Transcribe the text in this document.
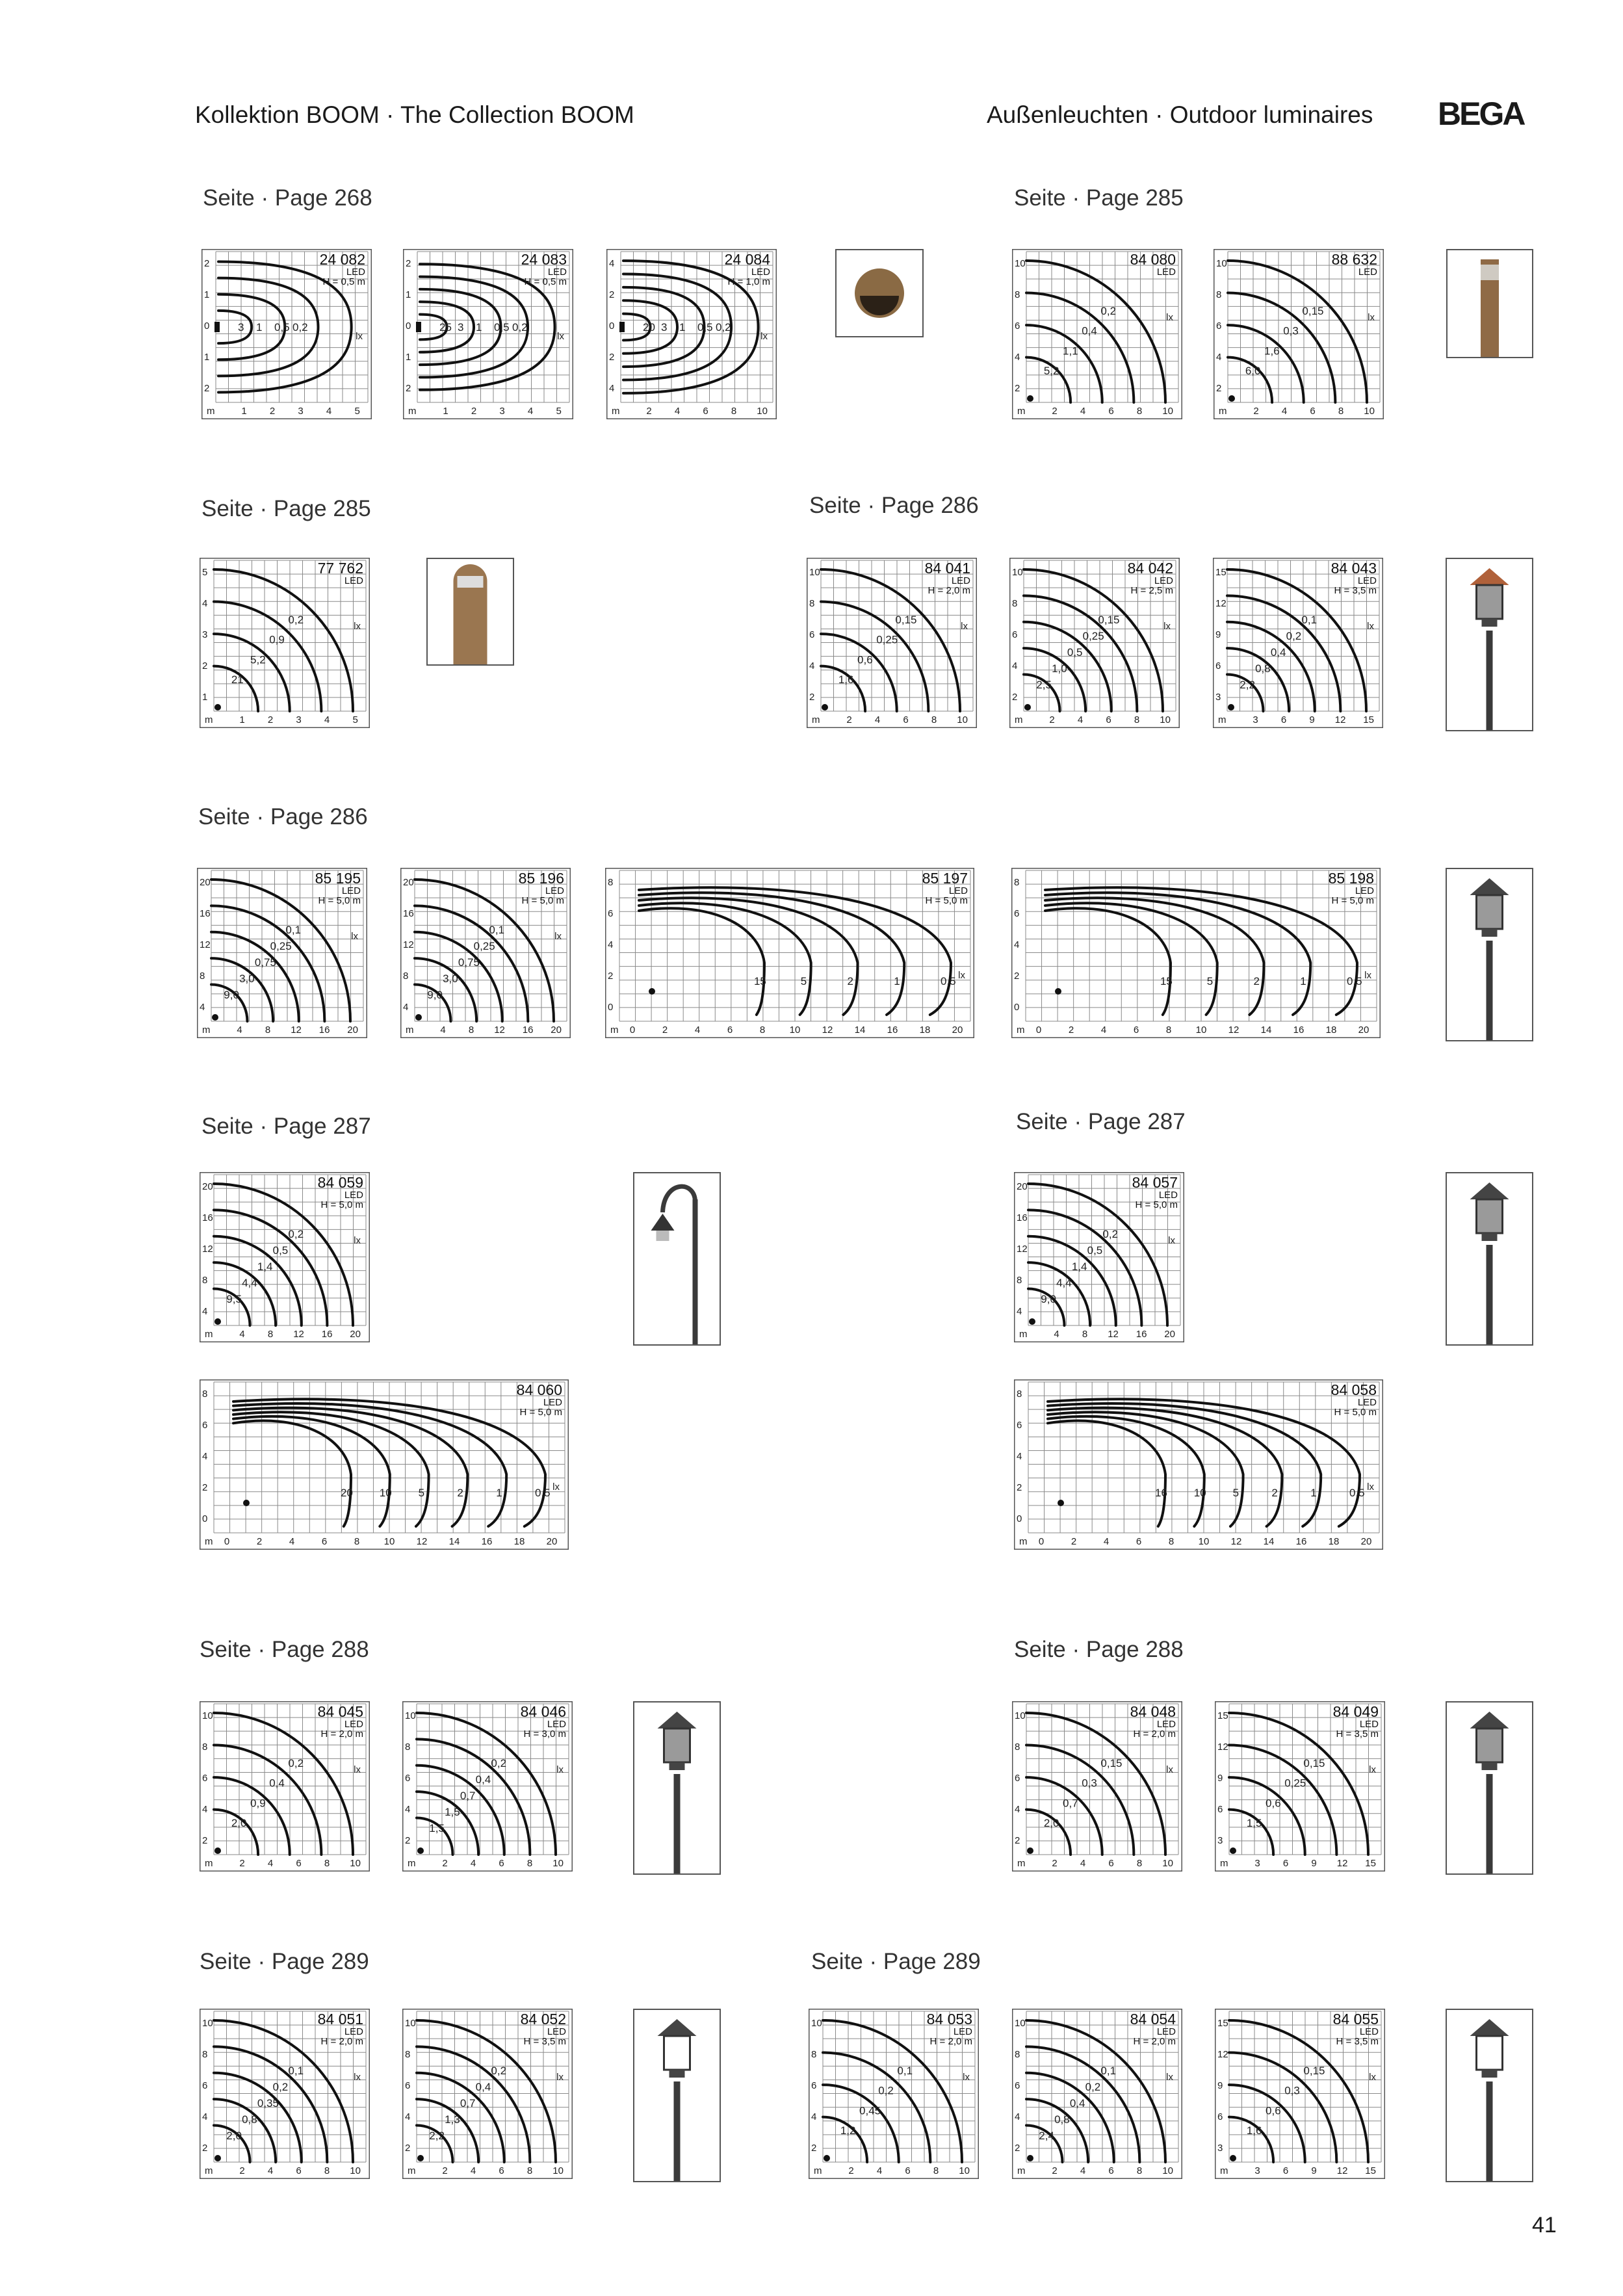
Kollektion BOOM · The Collection BOOM	Außenleuchten · Outdoor luminaires BEGA
Seite · Page 268	Seite · Page 285
Seite · Page 285	Seite · Page 286
Seite · Page 286
Seite · Page 287	Seite · Page 287
Seite · Page 288	Seite · Page 288
Seite · Page 289	Seite · Page 289
m	1 2 3 4 5
2
1
0
1
2
24 082
LED
H = 0,5 m
lx
3 1 0,5 0,2
m	1 2 3 4 5
2
1
0
1
2
24 083
LED
H = 0,5 m
lx
25 3 1 0,5 0,2
m	2 4 6 8 10
4
2
0
2
4
24 084
LED
H = 1,0 m
lx
20 3 1 0,5 0,2
m	2 4 6 8 10
10
8
6
4
2
84 080
LED
lx
0,2
0,4
1,1
5,2
m	2 4 6 8 10
10
8
6
4
2
88 632
LED
lx
0,15
0,3
1,6
6,0
m	1 2 3 4 5
5
4
3
2
1
77 762
LED
lx
0,2
0,9
5,2
21
m	2 4 6 8 10
10
8
6
4
2
84 041
LED
H = 2,0 m
lx
0,15
0,25
0,6
1,6
m	2 4 6 8 10
10
8
6
4
2
84 042
LED
H = 2,5 m
lx
0,15
0,25
0,5
1,0
2,5
m	3 6 9 12 15
15
12
9
6
3
84 043
LED
H = 3,5 m
lx
0,1
0,2
0,4
0,8
2,2
m	4 8 12 16 20
20
16
12
8
4
85 195
LED
H = 5,0 m
lx
0,1
0,25
0,75
3,0
9,0
m	4 8 12 16 20
20
16
12
8
4
85 196
LED
H = 5,0 m
lx
0,1
0,25
0,75
3,0
9,0
m 0	2	4	6	8 10 12 14 16 18 20
8
6
4
2
0
85 197
LED
H = 5,0 m
lx
15	5	2	1	0,5
m 0	2	4	6	8 10 12 14 16 18 20
8
6
4
2
0
85 198
LED
H = 5,0 m
lx
15	5	2	1	0,5
m	4 8 12 16 20
20
16
12
8
4
84 059
LED
H = 5,0 m
lx
0,2
0,5
1,4
4,4
9,5
m	4 8 12 16 20
20
16
12
8
4
84 057
LED
H = 5,0 m
lx
0,2
0,5
1,4
4,4
9,0
m 0	2	4	6	8 10 12 14 16 18 20
8
6
4
2
0
84 060
LED
H = 5,0 m
lx
20 10 5	2	1	0,5
m 0	2	4	6	8 10 12 14 16 18 20
8
6
4
2
0
84 058
LED
H = 5,0 m
lx
16 10 5	2	1	0,5
m	2 4 6 8 10
10
8
6
4
2
84 045
LED
H = 2,0 m
lx
0,2
0,4
0,9
2,0
m	2 4 6 8 10
10
8
6
4
2
84 046
LED
H = 3,0 m
lx
0,2
0,4
0,7
1,5
1,5
m	2 4 6 8 10
10
8
6
4
2
84 048
LED
H = 2,0 m
lx
0,15
0,3
0,7
2,0
m	3 6 9 12 15
15
12
9
6
3
84 049
LED
H = 3,5 m
lx
0,15
0,25
0,6
1,5
m	2 4 6 8 10
10
8
6
4
2
84 051
LED
H = 2,0 m
lx
0,1
0,2
0,35
0,8
2,0
m	2 4 6 8 10
10
8
6
4
2
84 052
LED
H = 3,5 m
lx
0,2
0,4
0,7
1,3
2,2
m	2 4 6 8 10
10
8
6
4
2
84 053
LED
H = 2,0 m
lx
0,1
0,2
0,45
1,2
m	2 4 6 8 10
10
8
6
4
2
84 054
LED
H = 2,0 m
lx
0,1
0,2
0,4
0,8
2,4
m	3 6 9 12 15
15
12
9
6
3
84 055
LED
H = 3,5 m
lx
0,15
0,3
0,6
1,6
41
